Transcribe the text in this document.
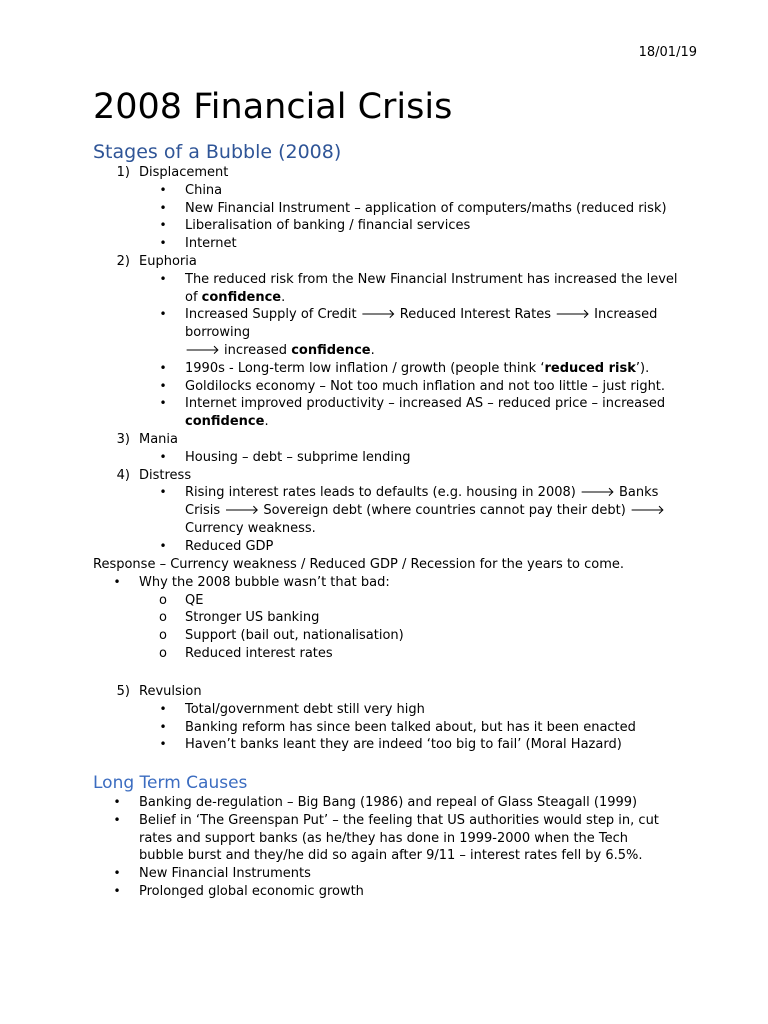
18/01/19
2008 Financial Crisis
Stages of a Bubble (2008)
1) Displacement
• China
• New Financial Instrument – application of computers/maths (reduced risk)
• Liberalisation of banking / financial services
• Internet
2) Euphoria
• The reduced risk from the New Financial Instrument has increased the level of confidence.
• Increased Supply of Credit 🡒 Reduced Interest Rates 🡒 Increased borrowing
🡒 increased confidence.
• 1990s - Long-term low inflation / growth (people think ‘reduced risk’).
• Goldilocks economy – Not too much inflation and not too little – just right.
• Internet improved productivity – increased AS – reduced price – increased confidence.
3) Mania
• Housing – debt – subprime lending
4) Distress
• Rising interest rates leads to defaults (e.g. housing in 2008) 🡒 Banks Crisis 🡒 Sovereign debt (where countries cannot pay their debt) 🡒 Currency weakness.
• Reduced GDP
Response – Currency weakness / Reduced GDP / Recession for the years to come.
• Why the 2008 bubble wasn’t that bad:
o QE
o Stronger US banking
o Support (bail out, nationalisation)
o Reduced interest rates
5) Revulsion
• Total/government debt still very high
• Banking reform has since been talked about, but has it been enacted
• Haven’t banks leant they are indeed ‘too big to fail’ (Moral Hazard)
Long Term Causes
• Banking de-regulation – Big Bang (1986) and repeal of Glass Steagall (1999)
• Belief in ‘The Greenspan Put’ – the feeling that US authorities would step in, cut rates and support banks (as he/they has done in 1999-2000 when the Tech bubble burst and they/he did so again after 9/11 – interest rates fell by 6.5%.
• New Financial Instruments
• Prolonged global economic growth
